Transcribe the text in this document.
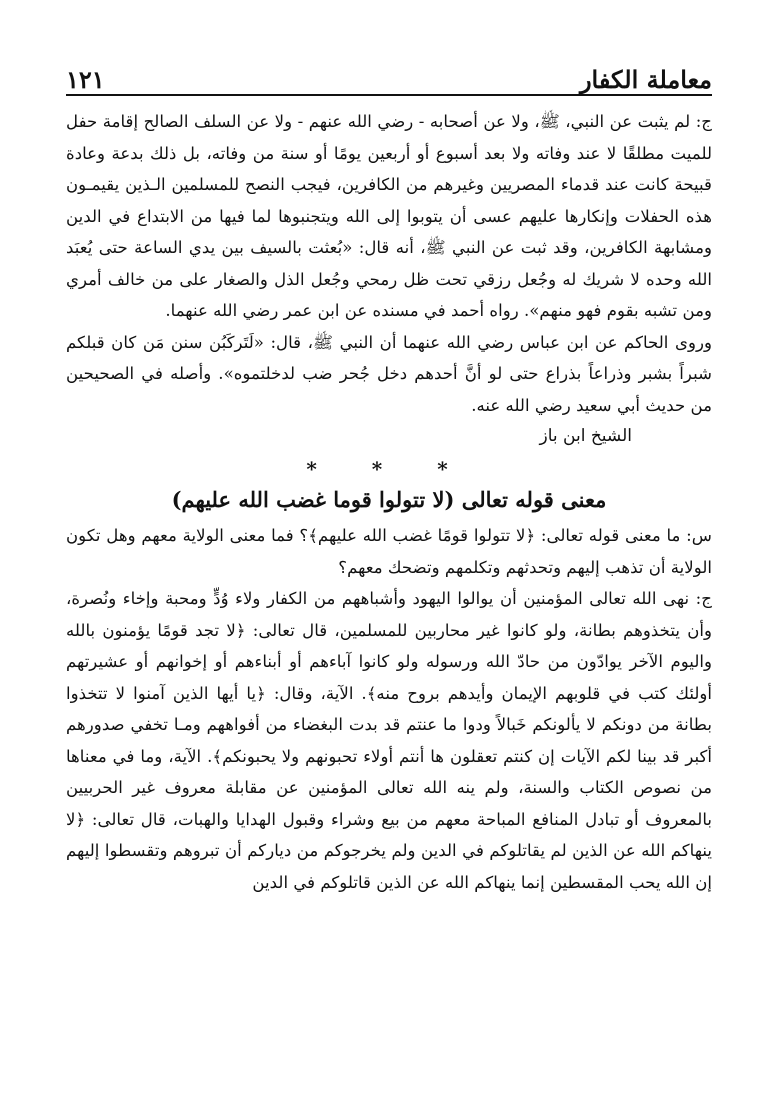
معاملة الكفار
١٢١

ج: لم يثبت عن النبي، ﷺ، ولا عن أصحابه - رضي الله عنهم - ولا عن السلف الصالح إقامة حفل للميت مطلقًا لا عند وفاته ولا بعد أسبوع أو أربعين يومًا أو سنة من وفاته، بل ذلك بدعة وعادة قبيحة كانت عند قدماء المصريين وغيرهم من الكافرين، فيجب النصح للمسلمين الـذين يقيمـون هذه الحفلات وإنكارها عليهم عسى أن يتوبوا إلى الله ويتجنبوها لما فيها من الابتداع في الدين ومشابهة الكافرين، وقد ثبت عن النبي ﷺ، أنه قال: «بُعثت بالسيف بين يدي الساعة حتى يُعبَد الله وحده لا شريك له وجُعل رزقي تحت ظل رمحي وجُعل الذل والصغار على من خالف أمري ومن تشبه بقوم فهو منهم». رواه أحمد في مسنده عن ابن عمر رضي الله عنهما.

وروى الحاكم عن ابن عباس رضي الله عنهما أن النبي ﷺ، قال: «لَتَركَبُن سنن مَن كان قبلكم شبراً بشبر وذراعاً بذراع حتى لو أنَّ أحدهم دخل جُحر ضب لدخلتموه». وأصله في الصحيحين من حديث أبي سعيد رضي الله عنه.

الشيخ ابن باز
* * *
معنى قوله تعالى (لا تتولوا قوما غضب الله عليهم)

س: ما معنى قوله تعالى: ﴿لا تتولوا قومًا غضب الله عليهم﴾؟ فما معنى الولاية معهم وهل تكون الولاية أن تذهب إليهم وتحدثهم وتكلمهم وتضحك معهم؟

ج: نهى الله تعالى المؤمنين أن يوالوا اليهود وأشباههم من الكفار ولاء وُدٍّ ومحبة وإخاء ونُصرة، وأن يتخذوهم بطانة، ولو كانوا غير محاربين للمسلمين، قال تعالى: ﴿لا تجد قومًا يؤمنون بالله واليوم الآخر يوادّون من حادّ الله ورسوله ولو كانوا آباءهم أو أبناءهم أو إخوانهم أو عشيرتهم أولئك كتب في قلوبهم الإيمان وأيدهم بروح منه﴾. الآية، وقال: ﴿يا أيها الذين آمنوا لا تتخذوا بطانة من دونكم لا يألونكم خَبالاً ودوا ما عنتم قد بدت البغضاء من أفواههم ومـا تخفي صدورهم أكبر قد بينا لكم الآيات إن كنتم تعقلون ها أنتم أولاء تحبونهم ولا يحبونكم﴾. الآية، وما في معناها من نصوص الكتاب والسنة، ولم ينه الله تعالى المؤمنين عن مقابلة معروف غير الحربيين بالمعروف أو تبادل المنافع المباحة معهم من بيع وشراء وقبول الهدايا والهبات، قال تعالى: ﴿لا ينهاكم الله عن الذين لم يقاتلوكم في الدين ولم يخرجوكم من دياركم أن تبروهم وتقسطوا إليهم إن الله يحب المقسطين إنما ينهاكم الله عن الذين قاتلوكم في الدين
